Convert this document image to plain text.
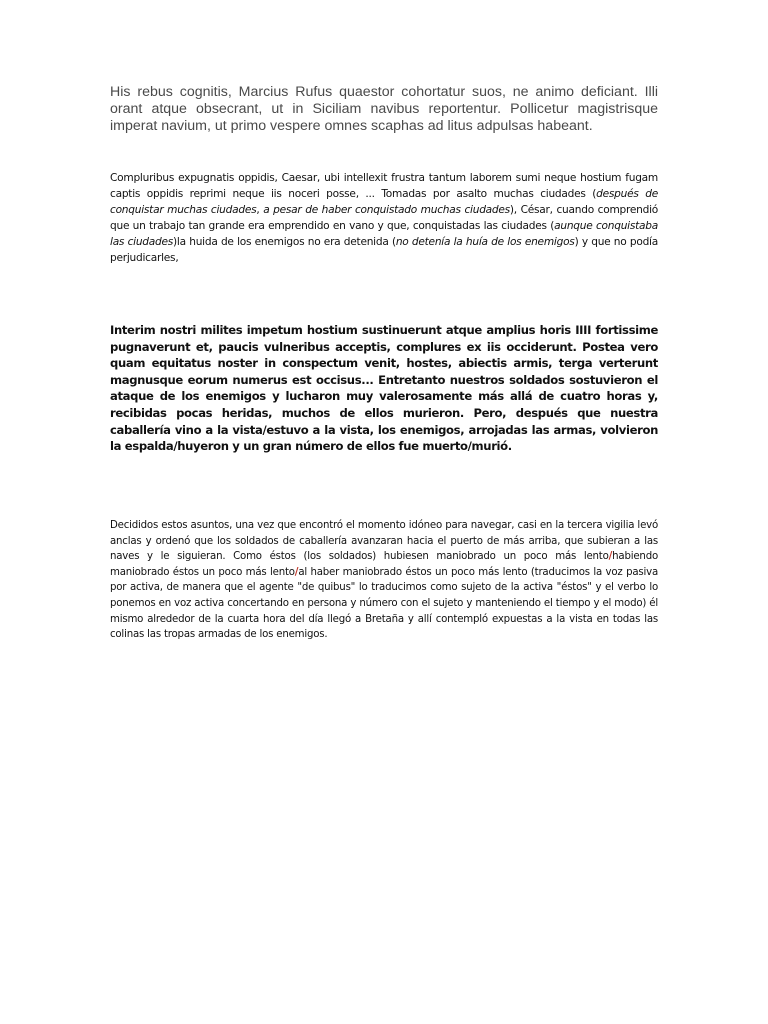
His rebus cognitis, Marcius Rufus quaestor cohortatur suos, ne animo deficiant. Illi orant atque obsecrant, ut in Siciliam navibus reportentur. Pollicetur magistrisque imperat navium, ut primo vespere omnes scaphas ad litus adpulsas habeant.

Compluribus expugnatis oppidis, Caesar, ubi intellexit frustra tantum laborem sumi neque hostium fugam captis oppidis reprimi neque iis noceri posse, ... Tomadas por asalto muchas ciudades (después de conquistar muchas ciudades, a pesar de haber conquistado muchas ciudades), César, cuando comprendió que un trabajo tan grande era emprendido en vano y que, conquistadas las ciudades (aunque conquistaba las ciudades)la huida de los enemigos no era detenida (no detenía la huía de los enemigos) y que no podía perjudicarles,

Interim nostri milites impetum hostium sustinuerunt atque amplius horis IIII fortissime pugnaverunt et, paucis vulneribus acceptis, complures ex iis occiderunt. Postea vero quam equitatus noster in conspectum venit, hostes, abiectis armis, terga verterunt magnusque eorum numerus est occisus... Entretanto nuestros soldados sostuvieron el ataque de los enemigos y lucharon muy valerosamente más allá de cuatro horas y, recibidas pocas heridas, muchos de ellos murieron. Pero, después que nuestra caballería vino a la vista/estuvo a la vista, los enemigos, arrojadas las armas, volvieron la espalda/huyeron y un gran número de ellos fue muerto/murió.

Decididos estos asuntos, una vez que encontró el momento idóneo para navegar, casi en la tercera vigilia levó anclas y ordenó que los soldados de caballería avanzaran hacia el puerto de más arriba, que subieran a las naves y le siguieran. Como éstos (los soldados) hubiesen maniobrado un poco más lento/habiendo maniobrado éstos un poco más lento/al haber maniobrado éstos un poco más lento (traducimos la voz pasiva por activa, de manera que el agente "de quibus" lo traducimos como sujeto de la activa "éstos" y el verbo lo ponemos en voz activa concertando en persona y número con el sujeto y manteniendo el tiempo y el modo) él mismo alrededor de la cuarta hora del día llegó a Bretaña y allí contempló expuestas a la vista en todas las colinas las tropas armadas de los enemigos.
